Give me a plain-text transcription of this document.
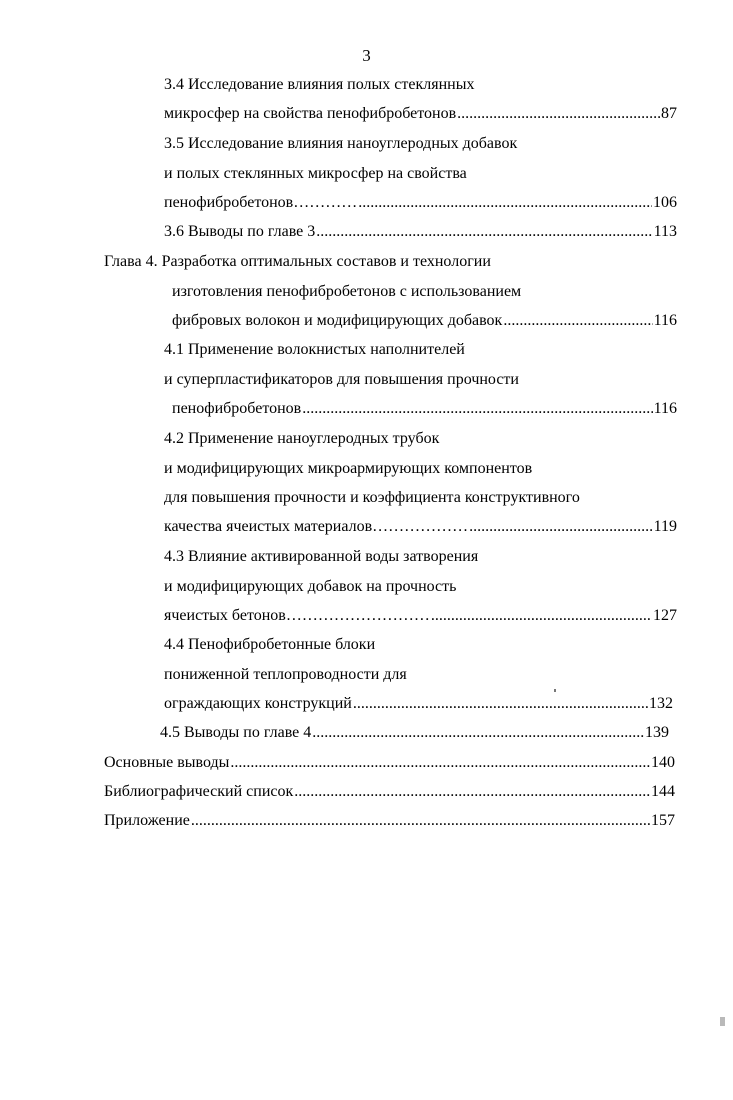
3
3.4 Исследование влияния полых стеклянных
микросфер на свойства пенофибробетонов .....	87
3.5 Исследование влияния наноуглеродных добавок
и полых стеклянных микросфер на свойства
пенофибробетонов………… .....	106
3.6 Выводы по главе 3 .....	113
Глава 4. Разработка оптимальных составов и технологии
изготовления пенофибробетонов с использованием
фибровых волокон и модифицирующих добавок .....	116
4.1 Применение волокнистых наполнителей
и суперпластификаторов для повышения прочности
пенофибробетонов .....	116
4.2 Применение наноуглеродных трубок
и модифицирующих микроармирующих компонентов
для повышения прочности и коэффициента конструктивного
качества ячеистых материалов……………… .....	119
4.3 Влияние активированной воды затворения
и модифицирующих добавок на прочность
ячеистых бетонов……………………… .....	127
4.4 Пенофибробетонные блоки
пониженной теплопроводности для
ограждающих конструкций .....	132
4.5 Выводы по главе 4 .....	139
Основные выводы .....	140
Библиографический список .....	144
Приложение .....	157
